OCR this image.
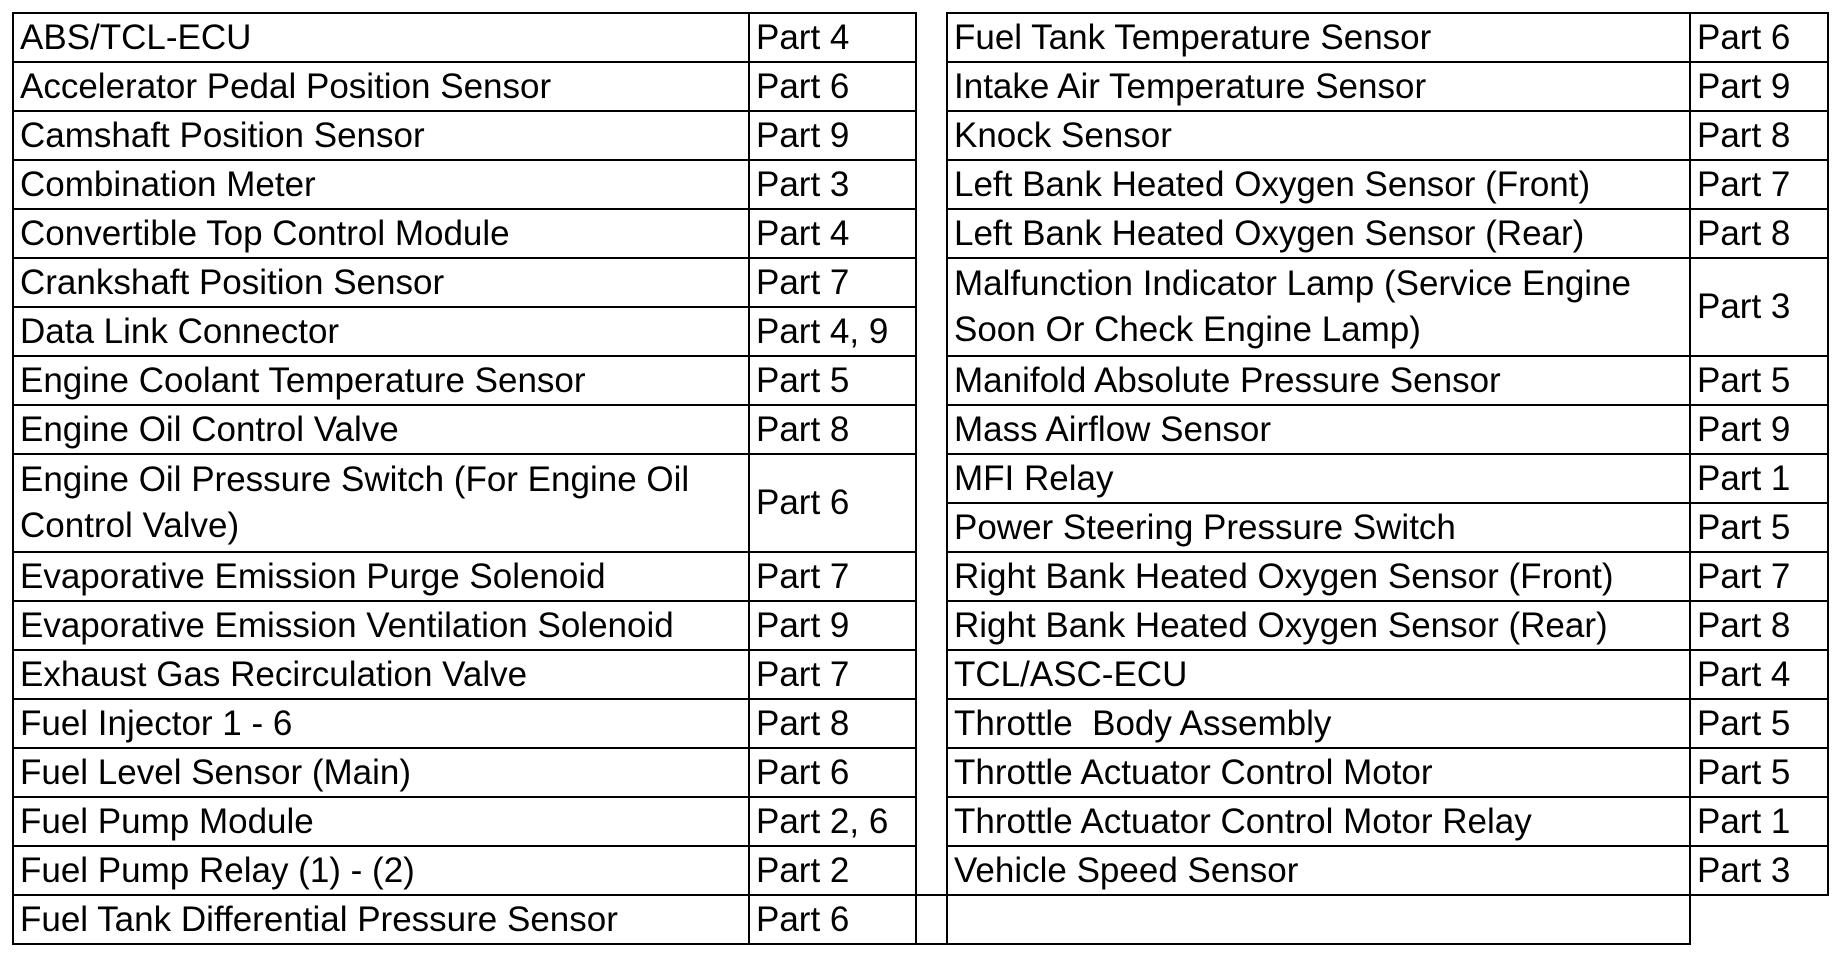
ABS/TCL-ECU	Part 4		Fuel Tank Temperature Sensor	Part 6
Accelerator Pedal Position Sensor	Part 6		Intake Air Temperature Sensor	Part 9
Camshaft Position Sensor	Part 9		Knock Sensor	Part 8
Combination Meter	Part 3		Left Bank Heated Oxygen Sensor (Front)	Part 7
Convertible Top Control Module	Part 4		Left Bank Heated Oxygen Sensor (Rear)	Part 8
Crankshaft Position Sensor	Part 7		Malfunction Indicator Lamp (Service Engine Soon Or Check Engine Lamp)	Part 3
Data Link Connector	Part 4, 9			
Engine Coolant Temperature Sensor	Part 5		Manifold Absolute Pressure Sensor	Part 5
Engine Oil Control Valve	Part 8		Mass Airflow Sensor	Part 9
Engine Oil Pressure Switch (For Engine Oil Control Valve)	Part 6		MFI Relay	Part 1
			Power Steering Pressure Switch	Part 5
Evaporative Emission Purge Solenoid	Part 7		Right Bank Heated Oxygen Sensor (Front)	Part 7
Evaporative Emission Ventilation Solenoid	Part 9		Right Bank Heated Oxygen Sensor (Rear)	Part 8
Exhaust Gas Recirculation Valve	Part 7		TCL/ASC-ECU	Part 4
Fuel Injector 1 - 6	Part 8		Throttle  Body Assembly	Part 5
Fuel Level Sensor (Main)	Part 6		Throttle Actuator Control Motor	Part 5
Fuel Pump Module	Part 2, 6		Throttle Actuator Control Motor Relay	Part 1
Fuel Pump Relay (1) - (2)	Part 2		Vehicle Speed Sensor	Part 3
Fuel Tank Differential Pressure Sensor	Part 6			
